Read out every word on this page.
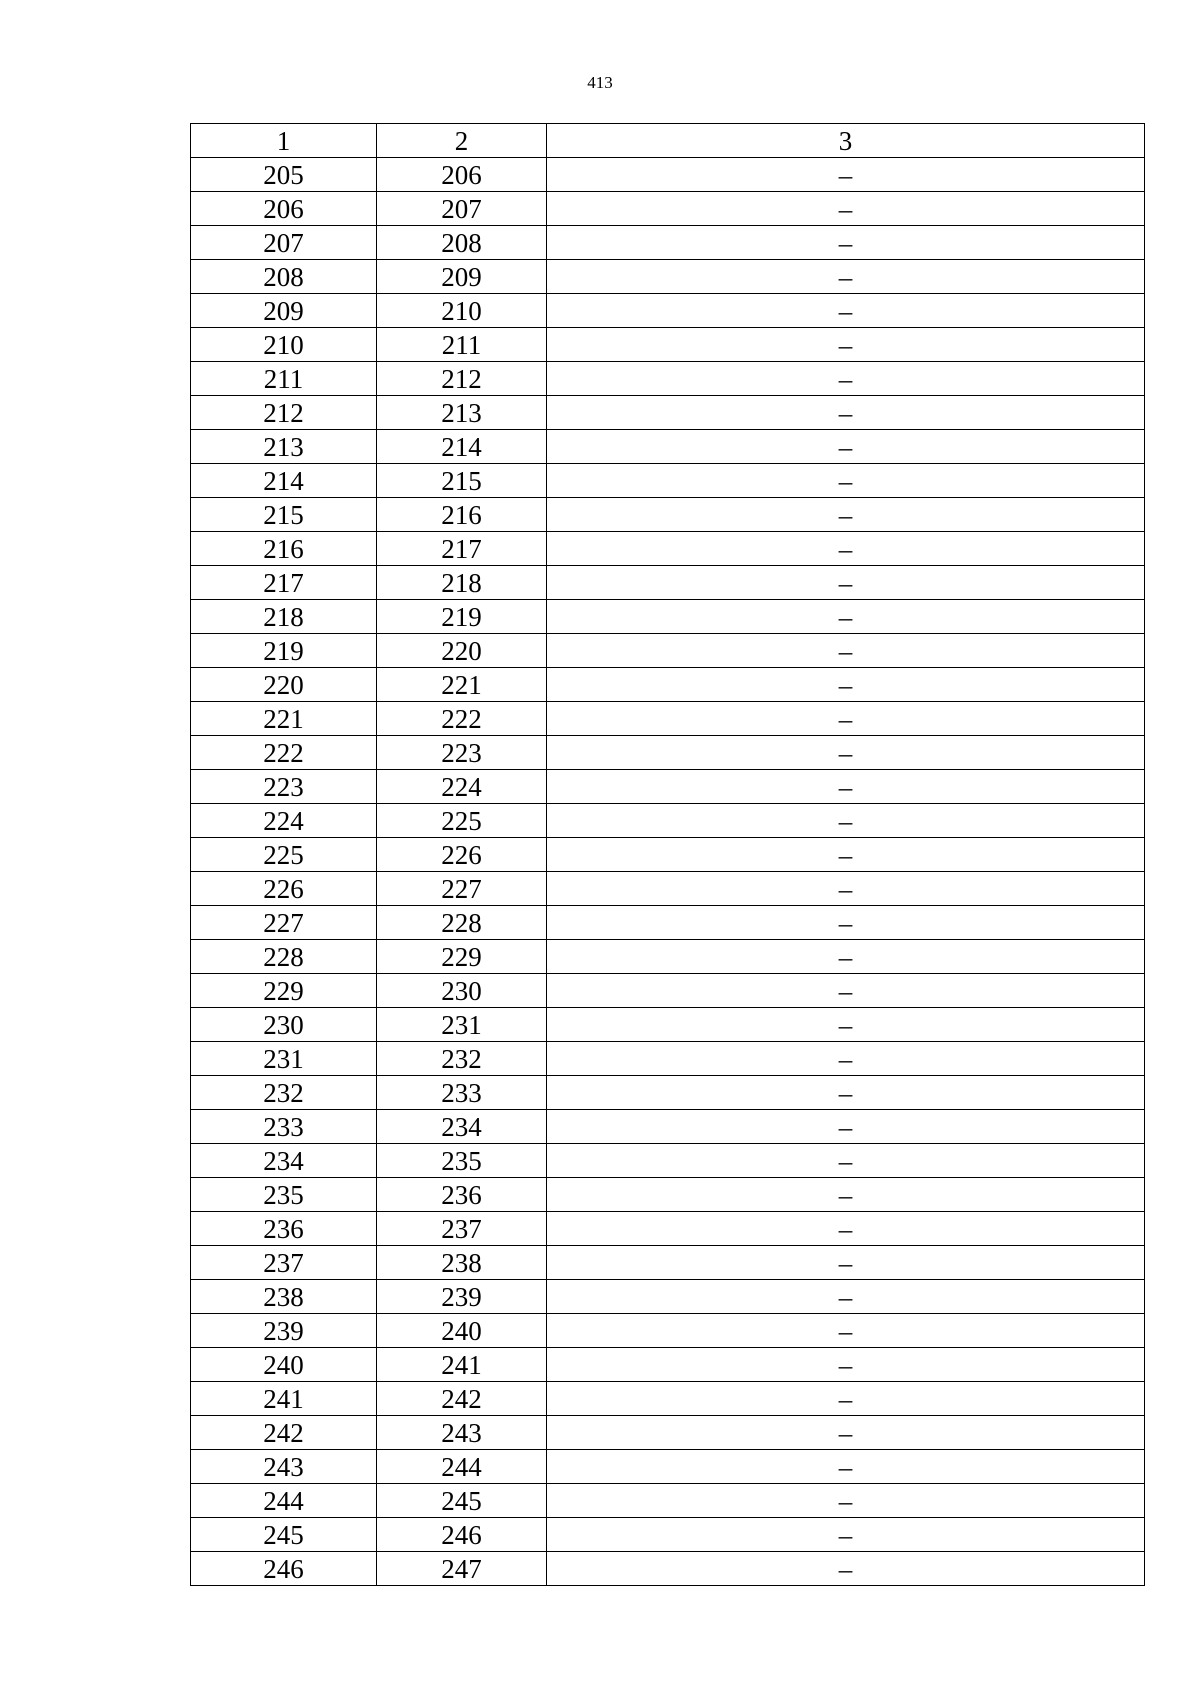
413
1	2	3
205	206	–
206	207	–
207	208	–
208	209	–
209	210	–
210	211	–
211	212	–
212	213	–
213	214	–
214	215	–
215	216	–
216	217	–
217	218	–
218	219	–
219	220	–
220	221	–
221	222	–
222	223	–
223	224	–
224	225	–
225	226	–
226	227	–
227	228	–
228	229	–
229	230	–
230	231	–
231	232	–
232	233	–
233	234	–
234	235	–
235	236	–
236	237	–
237	238	–
238	239	–
239	240	–
240	241	–
241	242	–
242	243	–
243	244	–
244	245	–
245	246	–
246	247	–
